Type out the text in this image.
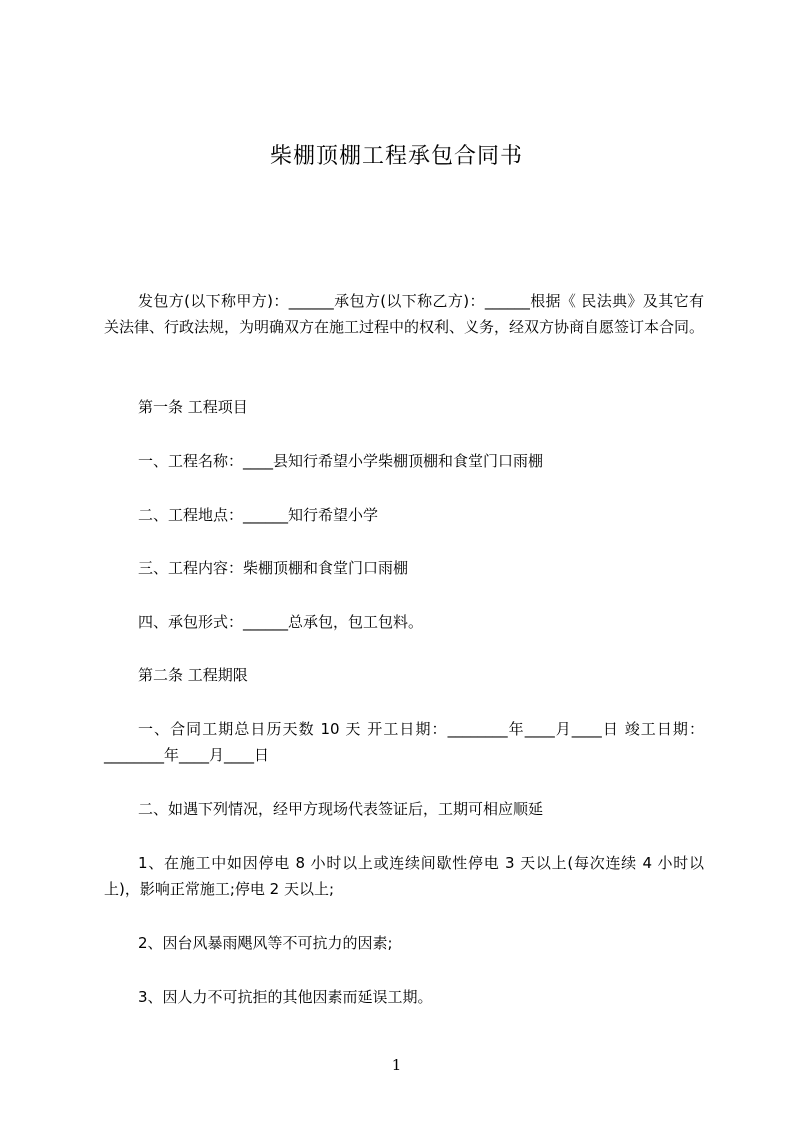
柴棚顶棚工程承包合同书
发包方(以下称甲方)：______承包方(以下称乙方)：______根据《 民法典》及其它有关法律、行政法规，为明确双方在施工过程中的权利、义务，经双方协商自愿签订本合同。
第一条 工程项目
一、工程名称：____县知行希望小学柴棚顶棚和食堂门口雨棚
二、工程地点：______知行希望小学
三、工程内容：柴棚顶棚和食堂门口雨棚
四、承包形式：______总承包，包工包料。
第二条 工程期限
一、合同工期总日历天数 10 天 开工日期：________年____月____日 竣工日期：________年____月____日
二、如遇下列情况，经甲方现场代表签证后，工期可相应顺延
1、在施工中如因停电 8 小时以上或连续间歇性停电 3 天以上(每次连续 4 小时以上)，影响正常施工;停电 2 天以上;
2、因台风暴雨飓风等不可抗力的因素;
3、因人力不可抗拒的其他因素而延误工期。
1
